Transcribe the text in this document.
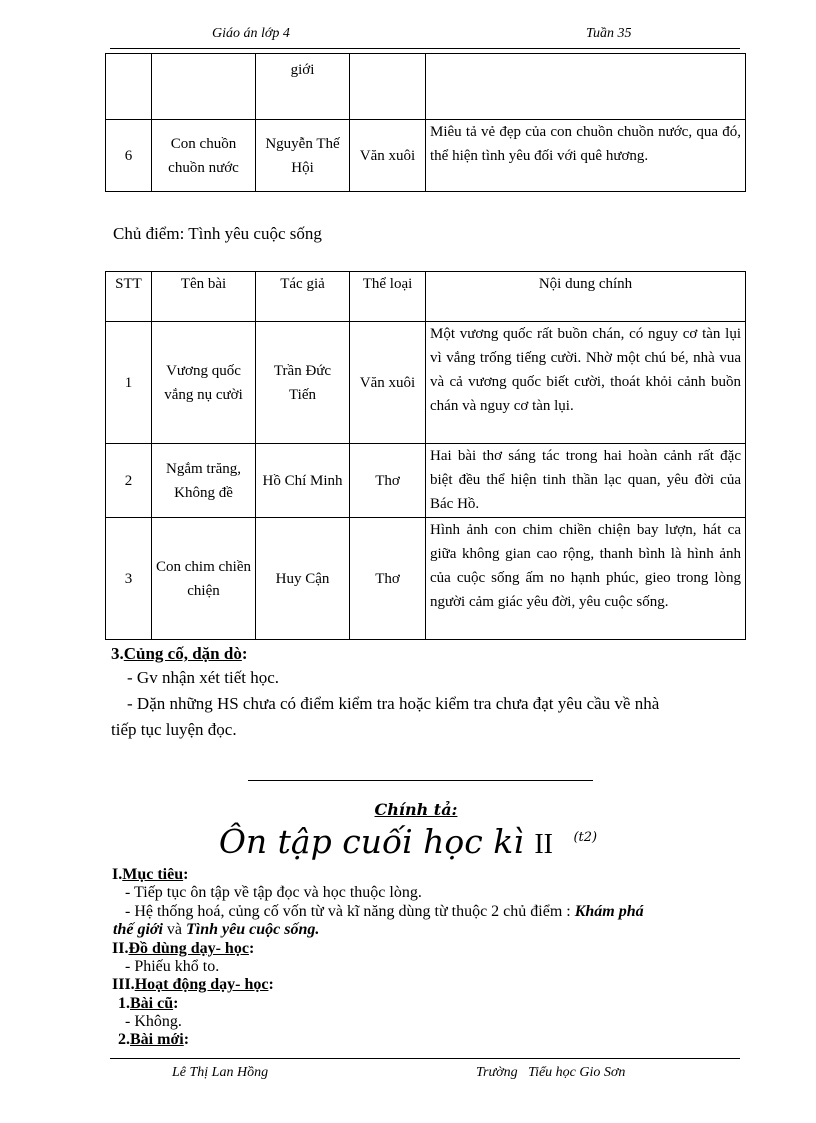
Giáo án lớp 4	Tuần 35
		giới		
6	Con chuồn chuồn nước	Nguyễn Thế Hội	Văn xuôi	Miêu tả vẻ đẹp của con chuồn chuồn nước, qua đó, thể hiện tình yêu đối với quê hương.
Chủ điểm: Tình yêu cuộc sống
STT	Tên bài	Tác giả	Thể loại	Nội dung chính
1	Vương quốc vắng nụ cười	Trần Đức Tiến	Văn xuôi	Một vương quốc rất buồn chán, có nguy cơ tàn lụi vì vắng trống tiếng cười. Nhờ một chú bé, nhà vua và cả vương quốc biết cười, thoát khỏi cảnh buồn chán và nguy cơ tàn lụi.
2	Ngắm trăng, Không đề	Hồ Chí Minh	Thơ	Hai bài thơ sáng tác trong hai hoàn cảnh rất đặc biệt đều thể hiện tinh thần lạc quan, yêu đời của Bác Hồ.
3	Con chim chiền chiện	Huy Cận	Thơ	Hình ảnh con chim chiền chiện bay lượn, hát ca giữa không gian cao rộng, thanh bình là hình ảnh của cuộc sống ấm no hạnh phúc, gieo trong lòng người cảm giác yêu đời, yêu cuộc sống.
3.Củng cố, dặn dò:
- Gv nhận xét tiết học.
- Dặn những HS chưa có điểm kiểm tra hoặc kiểm tra chưa đạt yêu cầu về nhà
tiếp tục luyện đọc.
Chính tả:
Ôn tập cuối học kì II $^{(t2)}$
I.Mục tiêu:
- Tiếp tục ôn tập về tập đọc và học thuộc lòng.
- Hệ thống hoá, củng cố vốn từ và kĩ năng dùng từ thuộc 2 chủ điểm : Khám phá
thế giới và Tình yêu cuộc sống.
II.Đồ dùng dạy- học:
- Phiếu khổ to.
III.Hoạt động dạy- học:
1.Bài cũ:
- Không.
2.Bài mới:
Lê Thị Lan Hồng	Trường   Tiểu học Gio Sơn
